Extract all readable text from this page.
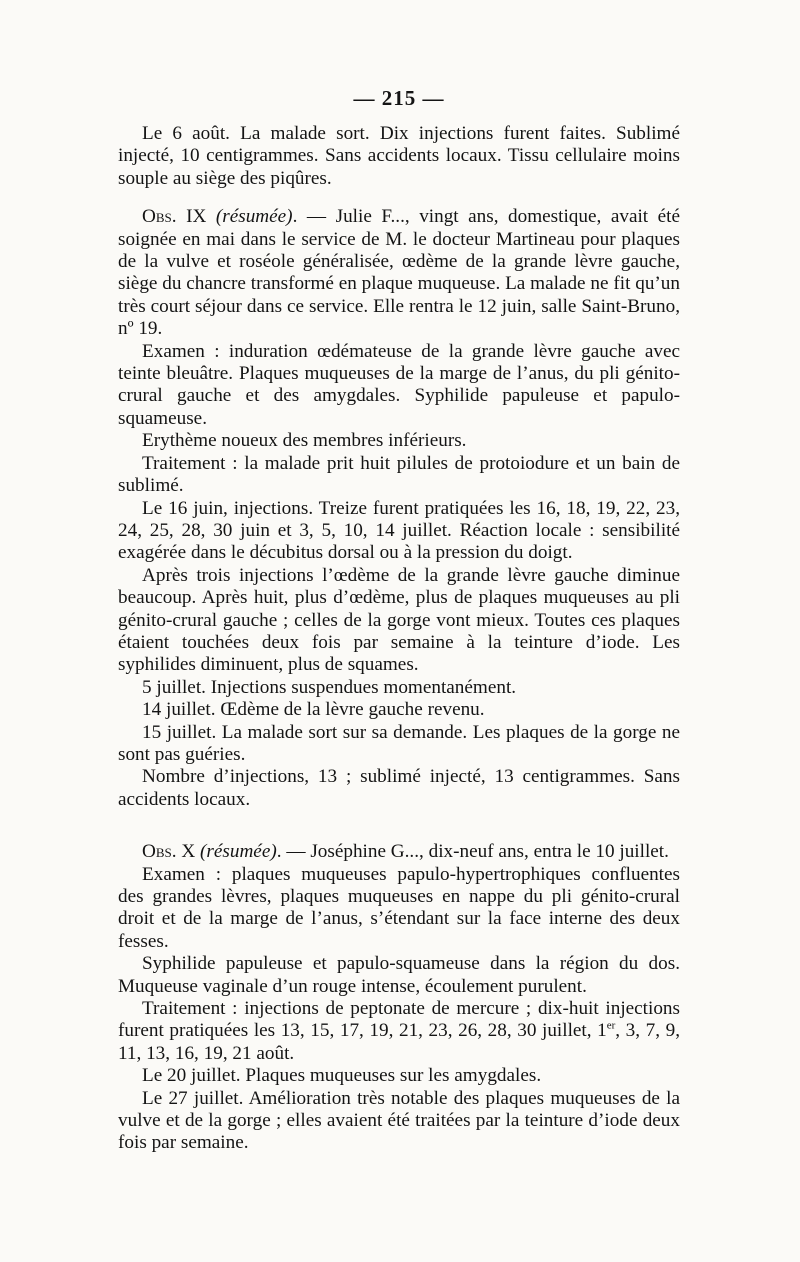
— 215 —

Le 6 août. La malade sort. Dix injections furent faites. Sublimé injecté, 10 centigrammes. Sans accidents locaux. Tissu cellulaire moins souple au siège des piqûres.

Obs. IX (résumée). — Julie F..., vingt ans, domestique, avait été soignée en mai dans le service de M. le docteur Martineau pour plaques de la vulve et roséole généralisée, œdème de la grande lèvre gauche, siège du chancre transformé en plaque muqueuse. La malade ne fit qu’un très court séjour dans ce service. Elle rentra le 12 juin, salle Saint-Bruno, nº 19.

Examen : induration œdémateuse de la grande lèvre gauche avec teinte bleuâtre. Plaques muqueuses de la marge de l’anus, du pli génito-crural gauche et des amygdales. Syphilide papuleuse et papulo-squameuse.

Erythème noueux des membres inférieurs.

Traitement : la malade prit huit pilules de protoiodure et un bain de sublimé.

Le 16 juin, injections. Treize furent pratiquées les 16, 18, 19, 22, 23, 24, 25, 28, 30 juin et 3, 5, 10, 14 juillet. Réaction locale : sensibilité exagérée dans le décubitus dorsal ou à la pression du doigt.

Après trois injections l’œdème de la grande lèvre gauche diminue beaucoup. Après huit, plus d’œdème, plus de plaques muqueuses au pli génito-crural gauche ; celles de la gorge vont mieux. Toutes ces plaques étaient touchées deux fois par semaine à la teinture d’iode. Les syphilides diminuent, plus de squames.

5 juillet. Injections suspendues momentanément.

14 juillet. Œdème de la lèvre gauche revenu.

15 juillet. La malade sort sur sa demande. Les plaques de la gorge ne sont pas guéries.

Nombre d’injections, 13 ; sublimé injecté, 13 centigrammes. Sans accidents locaux.

Obs. X (résumée). — Joséphine G..., dix-neuf ans, entra le 10 juillet.

Examen : plaques muqueuses papulo-hypertrophiques confluentes des grandes lèvres, plaques muqueuses en nappe du pli génito-crural droit et de la marge de l’anus, s’étendant sur la face interne des deux fesses.

Syphilide papuleuse et papulo-squameuse dans la région du dos. Muqueuse vaginale d’un rouge intense, écoulement purulent.

Traitement : injections de peptonate de mercure ; dix-huit injections furent pratiquées les 13, 15, 17, 19, 21, 23, 26, 28, 30 juillet, 1er, 3, 7, 9, 11, 13, 16, 19, 21 août.

Le 20 juillet. Plaques muqueuses sur les amygdales.

Le 27 juillet. Amélioration très notable des plaques muqueuses de la vulve et de la gorge ; elles avaient été traitées par la teinture d’iode deux fois par semaine.
